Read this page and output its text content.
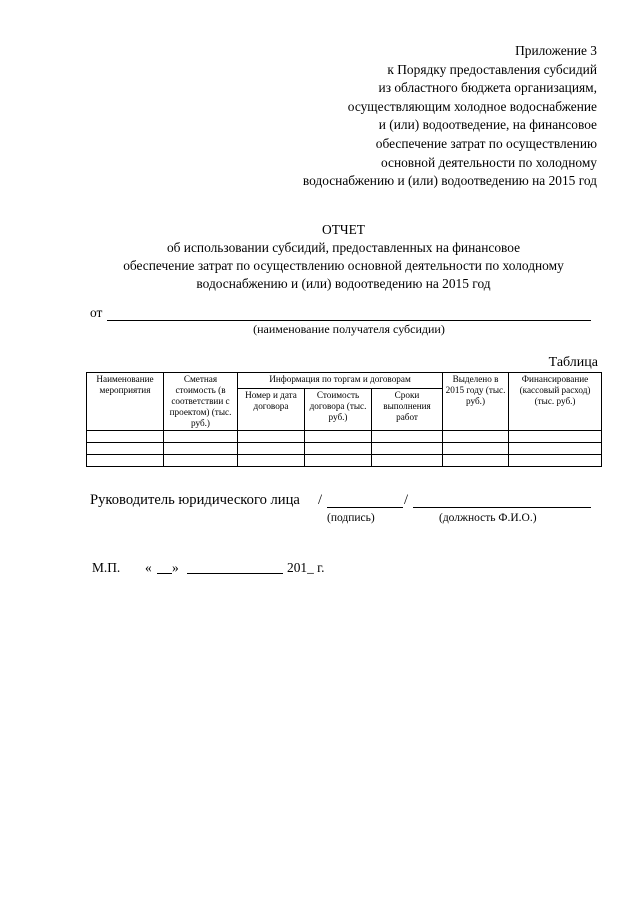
Приложение 3
к Порядку предоставления субсидий
из областного бюджета организациям,
осуществляющим холодное водоснабжение
и (или) водоотведение, на финансовое
обеспечение затрат по осуществлению
основной деятельности по холодному
водоснабжению и (или) водоотведению на 2015 год
ОТЧЕТ
об использовании субсидий, предоставленных на финансовое
обеспечение затрат по осуществлению основной деятельности по холодному
водоснабжению и (или) водоотведению на 2015 год
от
(наименование получателя субсидии)
Таблица
Наименование мероприятия	Сметная стоимость (в соответствии с проектом) (тыс. руб.)	Информация по торгам и договорам			Выделено в 2015 году (тыс. руб.)	Финансирование (кассовый расход) (тыс. руб.)
		Номер и дата договора	Стоимость договора (тыс. руб.)	Сроки выполнения работ		

Руководитель юридического лица /	/
(подпись)	(должность Ф.И.О.)
М.П. « »	201_ г.
